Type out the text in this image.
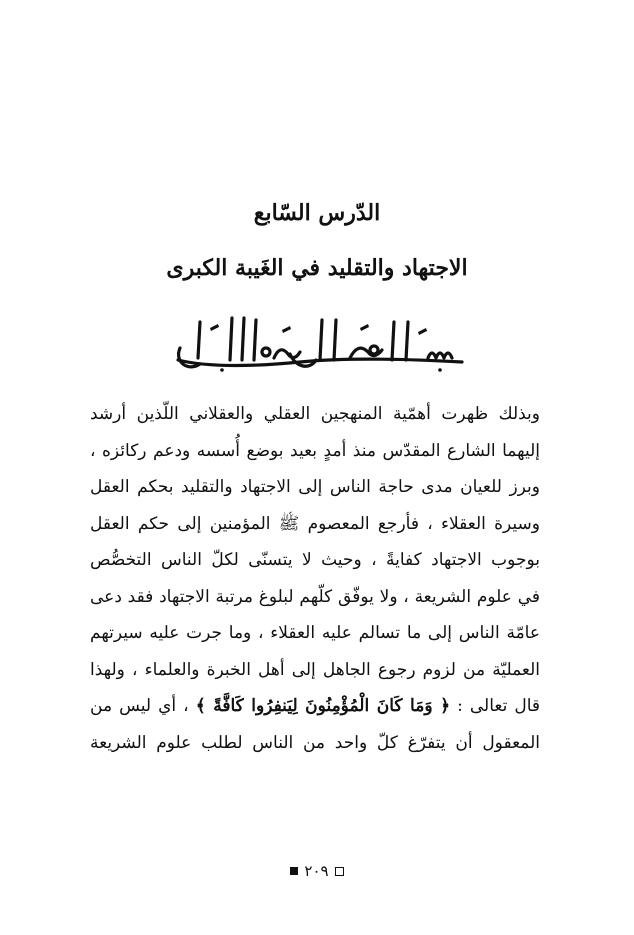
الدّرس السّابع
الاجتهاد والتقليد في الغَيبة الكبرى
وبذلك ظهرت أهمّية المنهجين العقلي والعقلاني اللّذين أرشد
إليهما الشارع المقدّس منذ أمدٍ بعيد بوضع أُسسه ودعم ركائزه ،
وبرز للعيان مدى حاجة الناس إلى الاجتهاد والتقليد بحكم العقل
وسيرة العقلاء ، فأرجع المعصوم ﷺ المؤمنين إلى حكم العقل
بوجوب الاجتهاد كفايةً ، وحيث لا يتسنّى لكلّ الناس التخصُّص
في علوم الشريعة ، ولا يوفّق كلّهم لبلوغ مرتبة الاجتهاد فقد دعى
عامّة الناس إلى ما تسالم عليه العقلاء ، وما جرت عليه سيرتهم
العمليّة من لزوم رجوع الجاهل إلى أهل الخبرة والعلماء ، ولهذا
قال تعالى : ﴿ وَمَا كَانَ الْمُؤْمِنُونَ لِيَنفِرُوا كَافَّةً ﴾ ، أي ليس من
المعقول أن يتفرّغ كلّ واحد من الناس لطلب علوم الشريعة
٢٠٩
